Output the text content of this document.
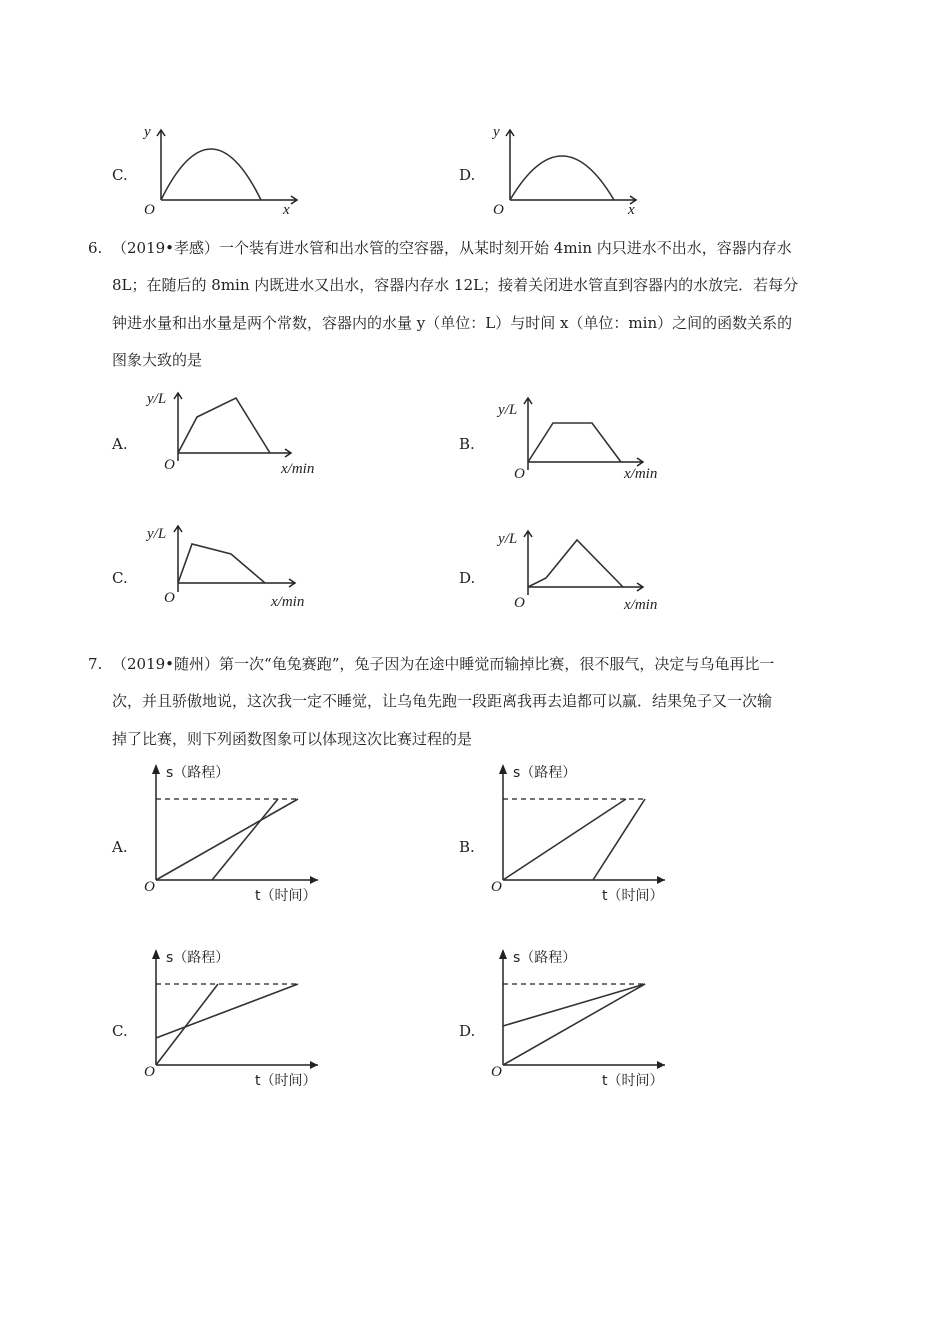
C.
y
x
O
D.
y
x
O
6. （2019•孝感）一个装有进水管和出水管的空容器，从某时刻开始 4min 内只进水不出水，容器内存水
8L；在随后的 8min 内既进水又出水，容器内存水 12L；接着关闭进水管直到容器内的水放完．若每分
钟进水量和出水量是两个常数，容器内的水量 y（单位：L）与时间 x（单位：min）之间的函数关系的
图象大致的是
A.
y/L
x/min
O
B.
y/L
x/min
O
C.
y/L
x/min
O
D.
y/L
x/min
O
7. （2019•随州）第一次“龟兔赛跑”，兔子因为在途中睡觉而输掉比赛，很不服气，决定与乌龟再比一
次，并且骄傲地说，这次我一定不睡觉，让乌龟先跑一段距离我再去追都可以赢．结果兔子又一次输
掉了比赛，则下列函数图象可以体现这次比赛过程的是
A.
s（路程）
t（时间）
O
B.
s（路程）
t（时间）
O
C.
s（路程）
t（时间）
O
D.
s（路程）
t（时间）
O
